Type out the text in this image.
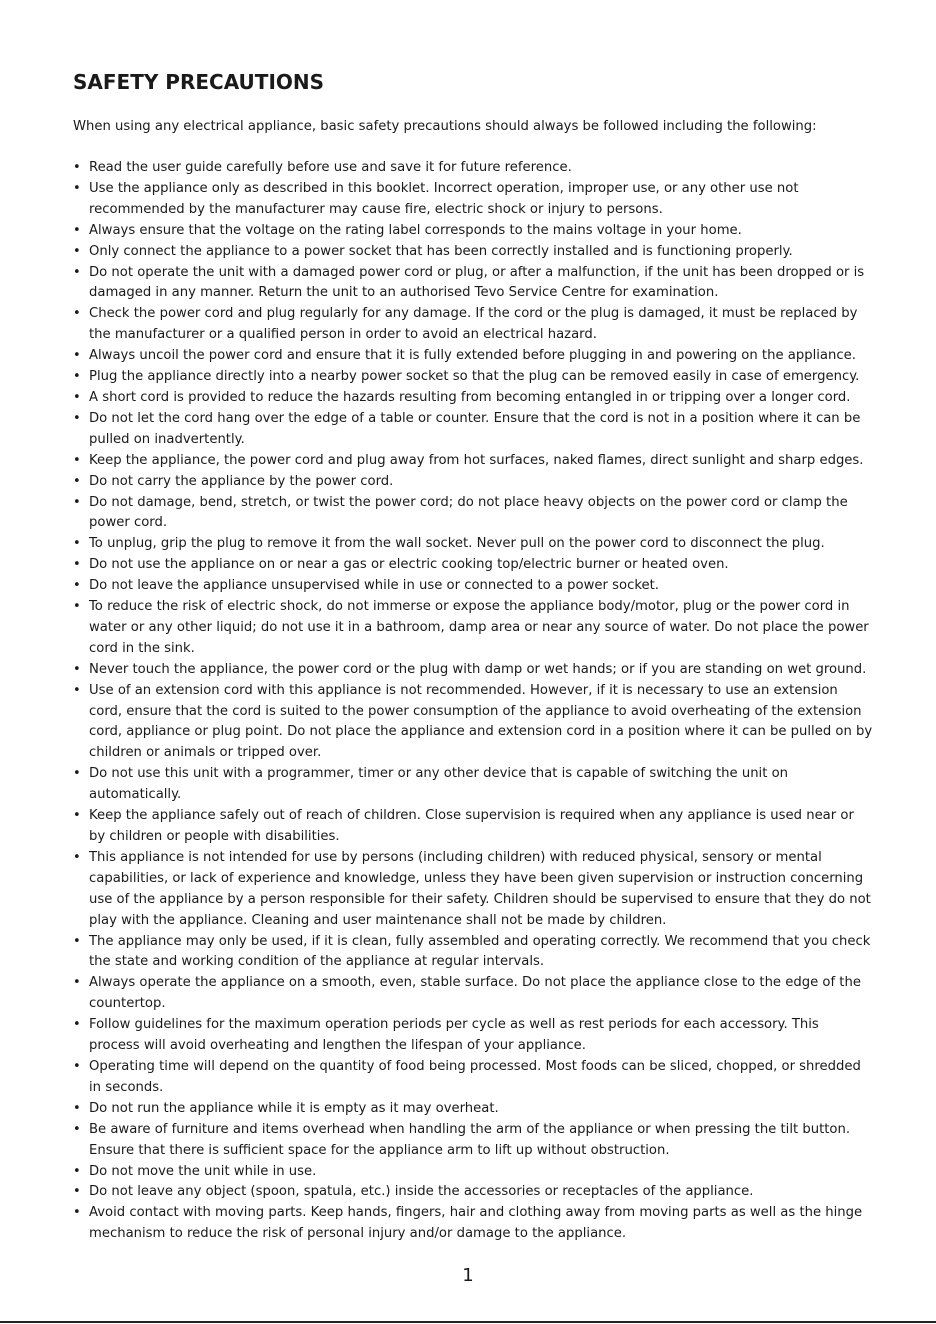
SAFETY PRECAUTIONS

When using any electrical appliance, basic safety precautions should always be followed including the following:

• Read the user guide carefully before use and save it for future reference.
• Use the appliance only as described in this booklet. Incorrect operation, improper use, or any other use not recommended by the manufacturer may cause fire, electric shock or injury to persons.
• Always ensure that the voltage on the rating label corresponds to the mains voltage in your home.
• Only connect the appliance to a power socket that has been correctly installed and is functioning properly.
• Do not operate the unit with a damaged power cord or plug, or after a malfunction, if the unit has been dropped or is damaged in any manner. Return the unit to an authorised Tevo Service Centre for examination.
• Check the power cord and plug regularly for any damage. If the cord or the plug is damaged, it must be replaced by the manufacturer or a qualified person in order to avoid an electrical hazard.
• Always uncoil the power cord and ensure that it is fully extended before plugging in and powering on the appliance.
• Plug the appliance directly into a nearby power socket so that the plug can be removed easily in case of emergency.
• A short cord is provided to reduce the hazards resulting from becoming entangled in or tripping over a longer cord.
• Do not let the cord hang over the edge of a table or counter. Ensure that the cord is not in a position where it can be pulled on inadvertently.
• Keep the appliance, the power cord and plug away from hot surfaces, naked flames, direct sunlight and sharp edges.
• Do not carry the appliance by the power cord.
• Do not damage, bend, stretch, or twist the power cord; do not place heavy objects on the power cord or clamp the power cord.
• To unplug, grip the plug to remove it from the wall socket. Never pull on the power cord to disconnect the plug.
• Do not use the appliance on or near a gas or electric cooking top/electric burner or heated oven.
• Do not leave the appliance unsupervised while in use or connected to a power socket.
• To reduce the risk of electric shock, do not immerse or expose the appliance body/motor, plug or the power cord in water or any other liquid; do not use it in a bathroom, damp area or near any source of water. Do not place the power cord in the sink.
• Never touch the appliance, the power cord or the plug with damp or wet hands; or if you are standing on wet ground.
• Use of an extension cord with this appliance is not recommended. However, if it is necessary to use an extension cord, ensure that the cord is suited to the power consumption of the appliance to avoid overheating of the extension cord, appliance or plug point. Do not place the appliance and extension cord in a position where it can be pulled on by children or animals or tripped over.
• Do not use this unit with a programmer, timer or any other device that is capable of switching the unit on automatically.
• Keep the appliance safely out of reach of children. Close supervision is required when any appliance is used near or by children or people with disabilities.
• This appliance is not intended for use by persons (including children) with reduced physical, sensory or mental capabilities, or lack of experience and knowledge, unless they have been given supervision or instruction concerning use of the appliance by a person responsible for their safety. Children should be supervised to ensure that they do not play with the appliance. Cleaning and user maintenance shall not be made by children.
• The appliance may only be used, if it is clean, fully assembled and operating correctly. We recommend that you check the state and working condition of the appliance at regular intervals.
• Always operate the appliance on a smooth, even, stable surface. Do not place the appliance close to the edge of the countertop.
• Follow guidelines for the maximum operation periods per cycle as well as rest periods for each accessory. This process will avoid overheating and lengthen the lifespan of your appliance.
• Operating time will depend on the quantity of food being processed. Most foods can be sliced, chopped, or shredded in seconds.
• Do not run the appliance while it is empty as it may overheat.
• Be aware of furniture and items overhead when handling the arm of the appliance or when pressing the tilt button. Ensure that there is sufficient space for the appliance arm to lift up without obstruction.
• Do not move the unit while in use.
• Do not leave any object (spoon, spatula, etc.) inside the accessories or receptacles of the appliance.
• Avoid contact with moving parts. Keep hands, fingers, hair and clothing away from moving parts as well as the hinge mechanism to reduce the risk of personal injury and/or damage to the appliance.
1
